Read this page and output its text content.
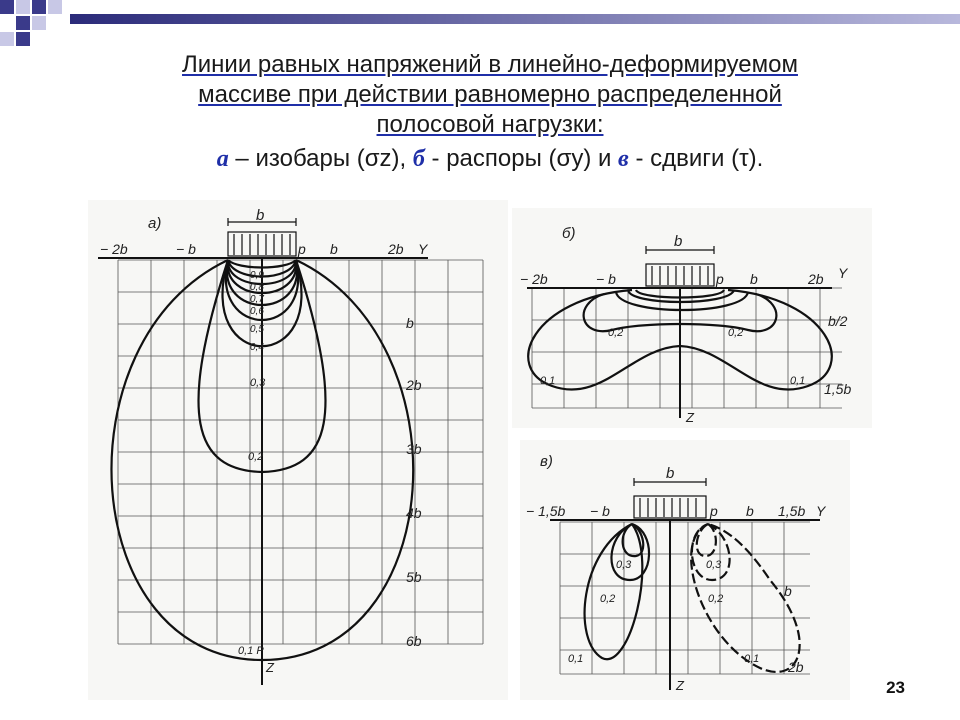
Линии равных напряжений в линейно-деформируемом
массиве при действии равномерно распределенной
полосовой нагрузки:
а – изобары (σz), б - распоры (σy) и в - сдвиги (τ).
а)	b
− 2b	− b	p b	2b Y
b
2b
3b
4b
5b
6b
0,9
0,8
0,7
0,6
0,5
0,4
0,3
0,2
0,1 P
Z
б)	b
− 2b	− b	p b	2b Y
b/2
1,5b
0,2	0,2
0,1	0,1
Z
в)
b
− 1,5b − b	p b 1,5b Y
b
2b
0,3	0,3
0,2	0,2
0,1	0,1
Z	23
